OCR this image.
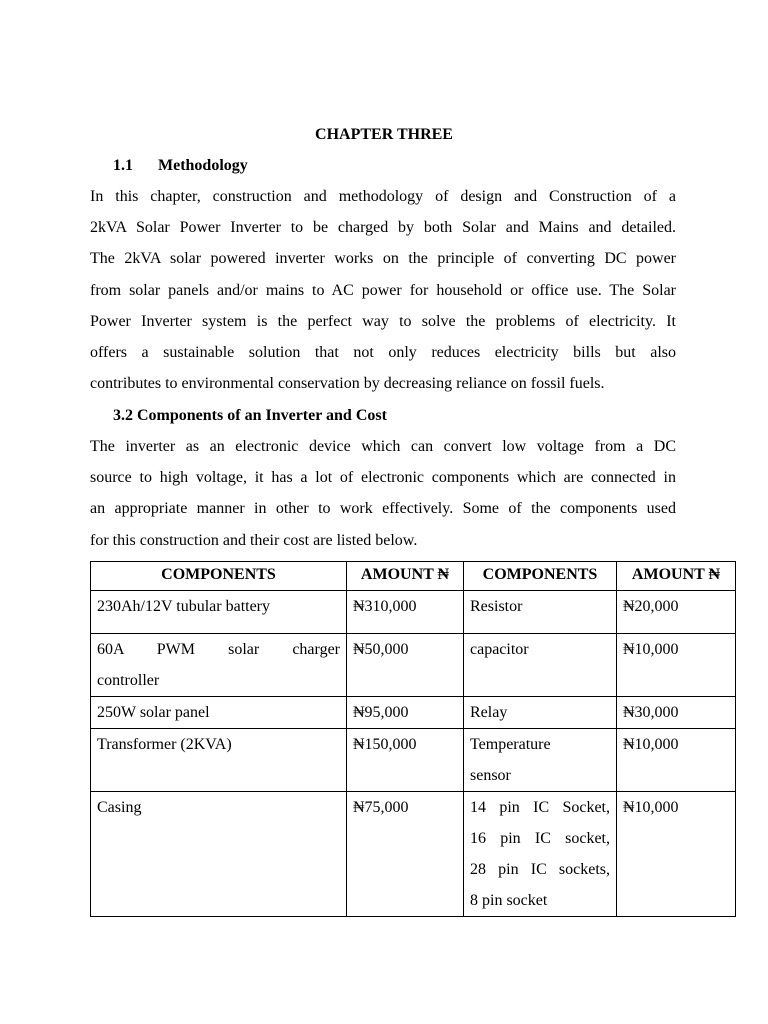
CHAPTER THREE
1.1 Methodology

In this chapter, construction and methodology of design and Construction of a
2kVA Solar Power Inverter to be charged by both Solar and Mains and detailed.
The 2kVA solar powered inverter works on the principle of converting DC power
from solar panels and/or mains to AC power for household or office use. The Solar
Power Inverter system is the perfect way to solve the problems of electricity. It
offers a sustainable solution that not only reduces electricity bills but also
contributes to environmental conservation by decreasing reliance on fossil fuels.

3.2 Components of an Inverter and Cost

The inverter as an electronic device which can convert low voltage from a DC
source to high voltage, it has a lot of electronic components which are connected in
an appropriate manner in other to work effectively. Some of the components used
for this construction and their cost are listed below.

COMPONENTS	AMOUNT ₦	COMPONENTS	AMOUNT ₦
230Ah/12V tubular battery	₦310,000	Resistor	₦20,000

60A PWM solar charger
controller	₦50,000	capacitor	₦10,000
250W solar panel	₦95,000	Relay	₦30,000
Transformer (2KVA)	₦150,000	Temperature
sensor	₦10,000
Casing	₦75,000	14 pin IC Socket,
16 pin IC socket,
28 pin IC sockets,
8 pin socket	₦10,000
